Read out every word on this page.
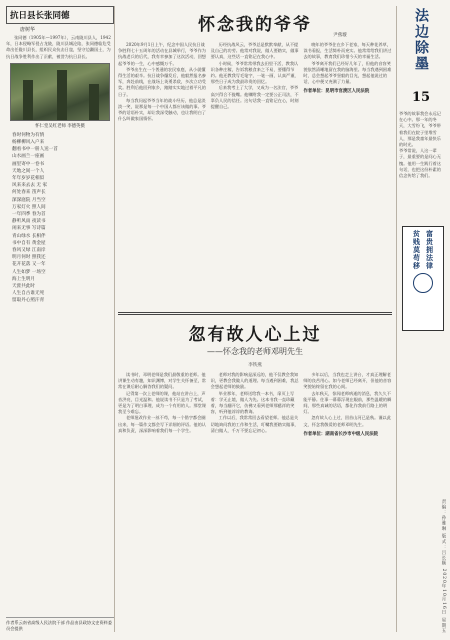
抗日县长张同德
唐树华

张同德（1905年—1997年），云南陇川县人，1942年，日本侵略军侵占龙陵，陇川县城沦陷，张同德临危受命出任陇川县长，组织民众抗击日寇，坚守边疆国土，为抗日战争胜利作出了贡献，被誉为抗日县长。

怀仁堂吴红老师 李德英摄

春时何物为有情

杨柳柳风入户来

翻看书中一册人送一首

山水画兰一座画

画里寄中一卷书

天地之间一个人

年年岁岁花相似

风来来去去 无 家

何处春来 笛声长

深深庭院 月当空

万家灯火 照人间

一年四季 春为首

静听风雨 夜读书

闲来无事 写诗篇

青山绿水 长相伴

书中自有 黄金屋

春风又绿 江南岸

明月何时 照我还

花开花落 又一年

人生如梦 一场空

海上生明月

天涯共此时

人生自古谁无死

留取丹心照汗青

作者系云南省高级人民法院干部 作品由县政协文史资料委员会提供
怀念我的爷爷
尹燕璇

2020年9月1日上午，纪念中国人民抗日战争胜利七十五周年的活动在县城举行，爷爷作为抗战老兵的后代，我有幸参加了这次活动，回想起爷爷的一生，心中感慨万千。

爷爷出生在一个普通的农民家庭，从小就懂得生活的艰辛。抗日战争爆发后，他毅然报名参军，奔赴前线，在战场上英勇杀敌，多次立功受奖。胜利后他回到家乡，踏踏实实地过着平凡的日子。

每当我问起爷爷当年的战斗经历，他总是淡淡一笑，说那是每一个中国人都应该做的事。爷爷的话语朴实，却让我深受触动，也让我明白了什么叫做家国情怀。

历经抗战风云，爷爷总是默默奉献，从不提及自己的功劳。他常对我说，做人要踏实，做事要认真，这些话一直铭记在我心中。

小时候，爷爷常常带我去田里干活，教我认识各种庄稼，告诉我粮食来之不易，要懂得节约。他还教我写毛笔字，一笔一画，认真严谨，那些日子成为我最珍贵的回忆。

后来我考上了大学，又成为一名法官，爷爷高兴得合不拢嘴。他嘱咐我一定要公正司法，不辜负人民的信任。这句话我一直铭记在心，时刻提醒自己。

晚年的爷爷住在乡下老家，每天种花养草，读书看报，生活简朴而充实。他常常给我们讲过去的故事，教育我们珍惜今天的幸福生活。

爷爷离开我们已经好几年了，但他的音容笑貌依然清晰地留在我的脑海里。每当我遇到困难时，总会想起爷爷坚毅的目光，想起他说过的话，心中便又充满了力量。

作者单位：昆明市官渡区人民法院
忽有故人心上过
——怀念我的老师邓明先生
李铁燕

读书时，邓明老师是我们最敬重的老师。他讲课生动有趣，知识渊博，对学生关怀备至，常常在课后耐心解答我们的疑问。

记得第一次上老师的课，他站在讲台上，声音洪亮，目光温和。他说读书不只是为了考试，更是为了明白事理，成为一个有用的人。那堂课我至今难忘。

老师批改作业一丝不苟，每一个错字都会圈出来，每一篇作文都会写下详细的评语。他的认真和负责，深深影响着我们每一个学生。

老师对我的影响是深远的，他不仅教会我知识，更教会我做人的道理。每当遇到困难，我总会想起老师的鼓励。

毕业那年，老师送给我一本书，扉页上写着：学无止境，做人为先。这本书我一直珍藏着，每当翻开它，仿佛又看到老师那慈祥的笑容，听到他谆谆的教诲。

工作以后，我常常回去看望老师。他总是关切地询问我的工作和生活，叮嘱我要踏实做事，清白做人，千万不要忘记初心。

多年以后，当我也走上讲台，才真正理解老师的良苦用心。如今老师已经离开，但他的音容笑貌始终留在我的心间。

去年秋天，惊闻老师病逝的消息，我久久不能平静。往事一幕幕浮现在眼前，那些温暖的瞬间，那些真诚的话语，都化作我前行路上的明灯。

忽有故人心上过，回首山河已是秋。谨以此文，怀念我敬爱的老师邓明先生。

作者单位：湖南省长沙市中级人民法院
法边除墨
15

爷爷的故事我会永远记在心中。那一年的冬天，大雪纷飞，爷爷带着我们在院子里堆雪人，那是我童年最快乐的时光。

爷爷常说，人这一辈子，最重要的是问心无愧。他用一生践行着这句话，也把这份朴素的信念传给了我们。

富贵拥法律
贫贱莫苟移
责编：孙雅琳 版式：吕长顺 2020年10月16日 星期五
